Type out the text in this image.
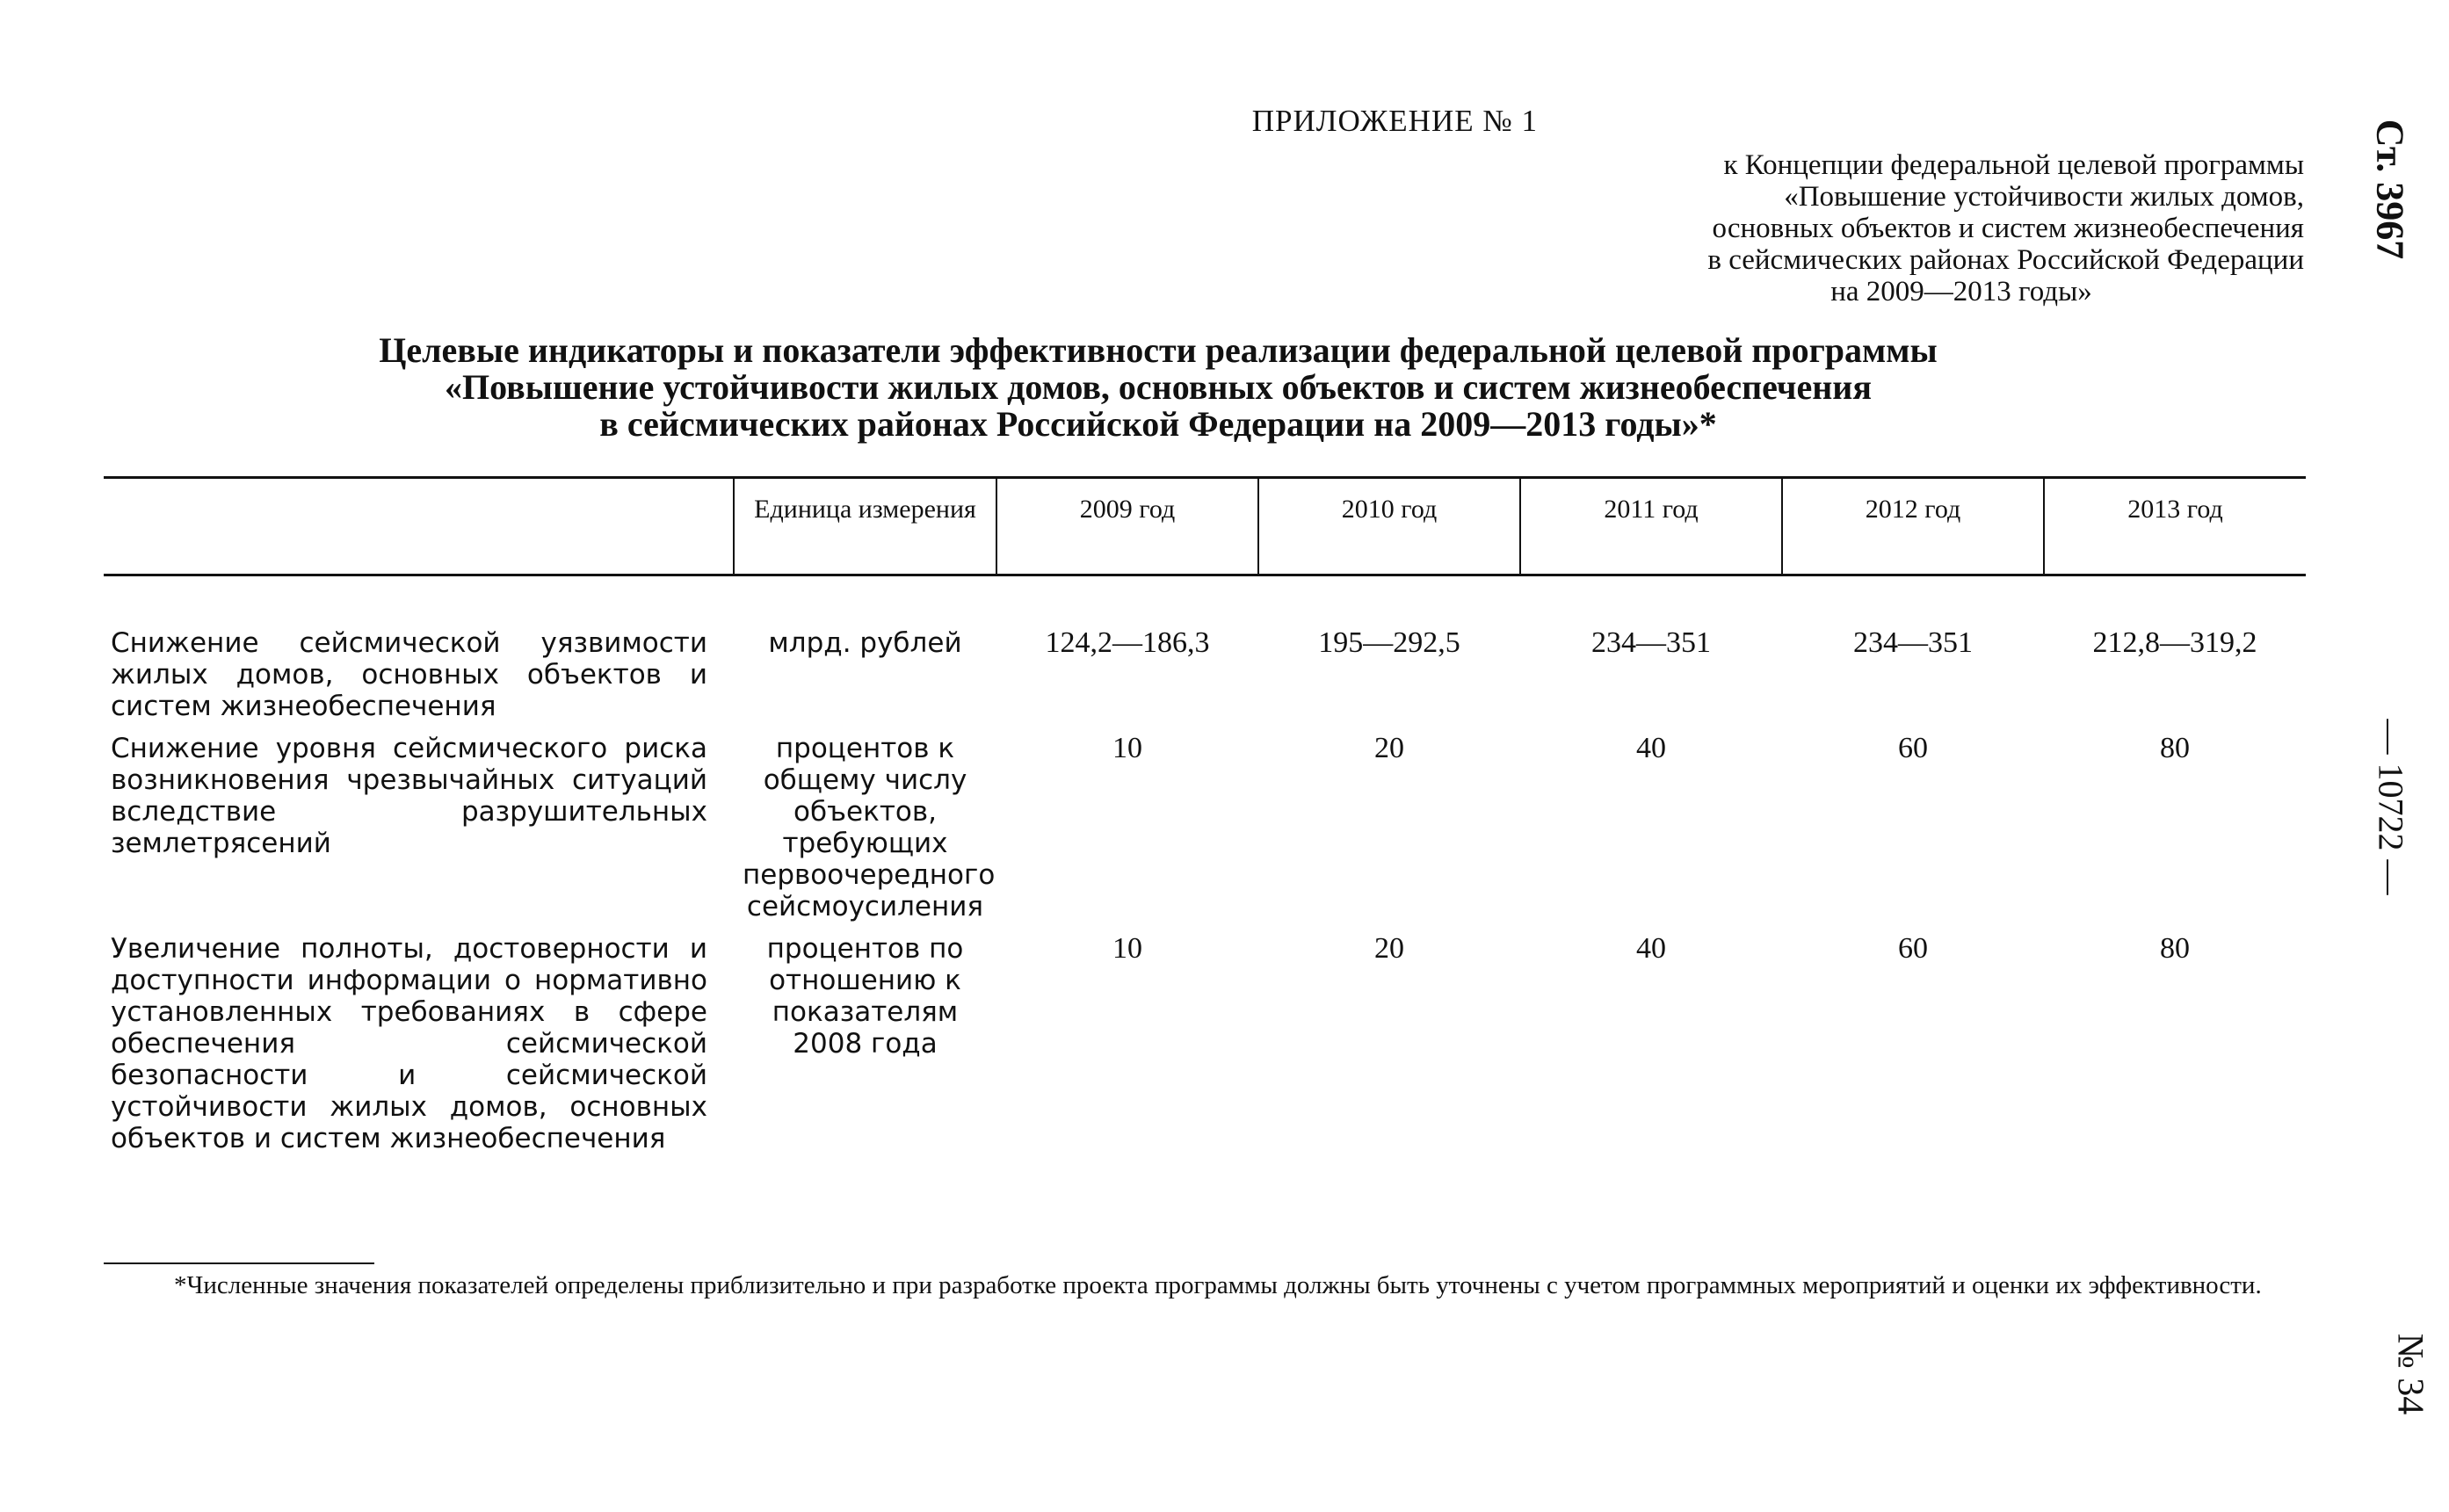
ПРИЛОЖЕНИЕ № 1
к Концепции федеральной целевой программы
«Повышение устойчивости жилых домов,
основных объектов и систем жизнеобеспечения
в сейсмических районах Российской Федерации
на 2009—2013 годы»
Целевые индикаторы и показатели эффективности реализации федеральной целевой программы
«Повышение устойчивости жилых домов, основных объектов и систем жизнеобеспечения
в сейсмических районах Российской Федерации на 2009—2013 годы»*
	Единица измерения	2009 год	2010 год	2011 год	2012 год	2013 год

Снижение сейсмической уязвимости жилых домов, основных объектов и систем жизнеобеспечения	млрд. рублей	124,2—186,3	195—292,5	234—351	234—351	212,8—319,2
Снижение уровня сейсмического риска возникновения чрезвычайных ситуаций вследствие разрушительных землетрясений	процентов к общему числу объектов, требующих первоочередного сейсмоусиления	10	20	40	60	80
Увеличение полноты, достоверности и доступности информации о нормативно установленных требованиях в сфере обеспечения сейсмической безопасности и сейсмической устойчивости жилых домов, основных объектов и систем жизнеобеспечения	процентов по отношению к показателям 2008 года	10	20	40	60	80
*Численные значения показателей определены приблизительно и при разработке проекта программы должны быть уточнены с учетом программных мероприятий и оценки их эффективности.
Ст. 3967
— 10722 —
№ 34
